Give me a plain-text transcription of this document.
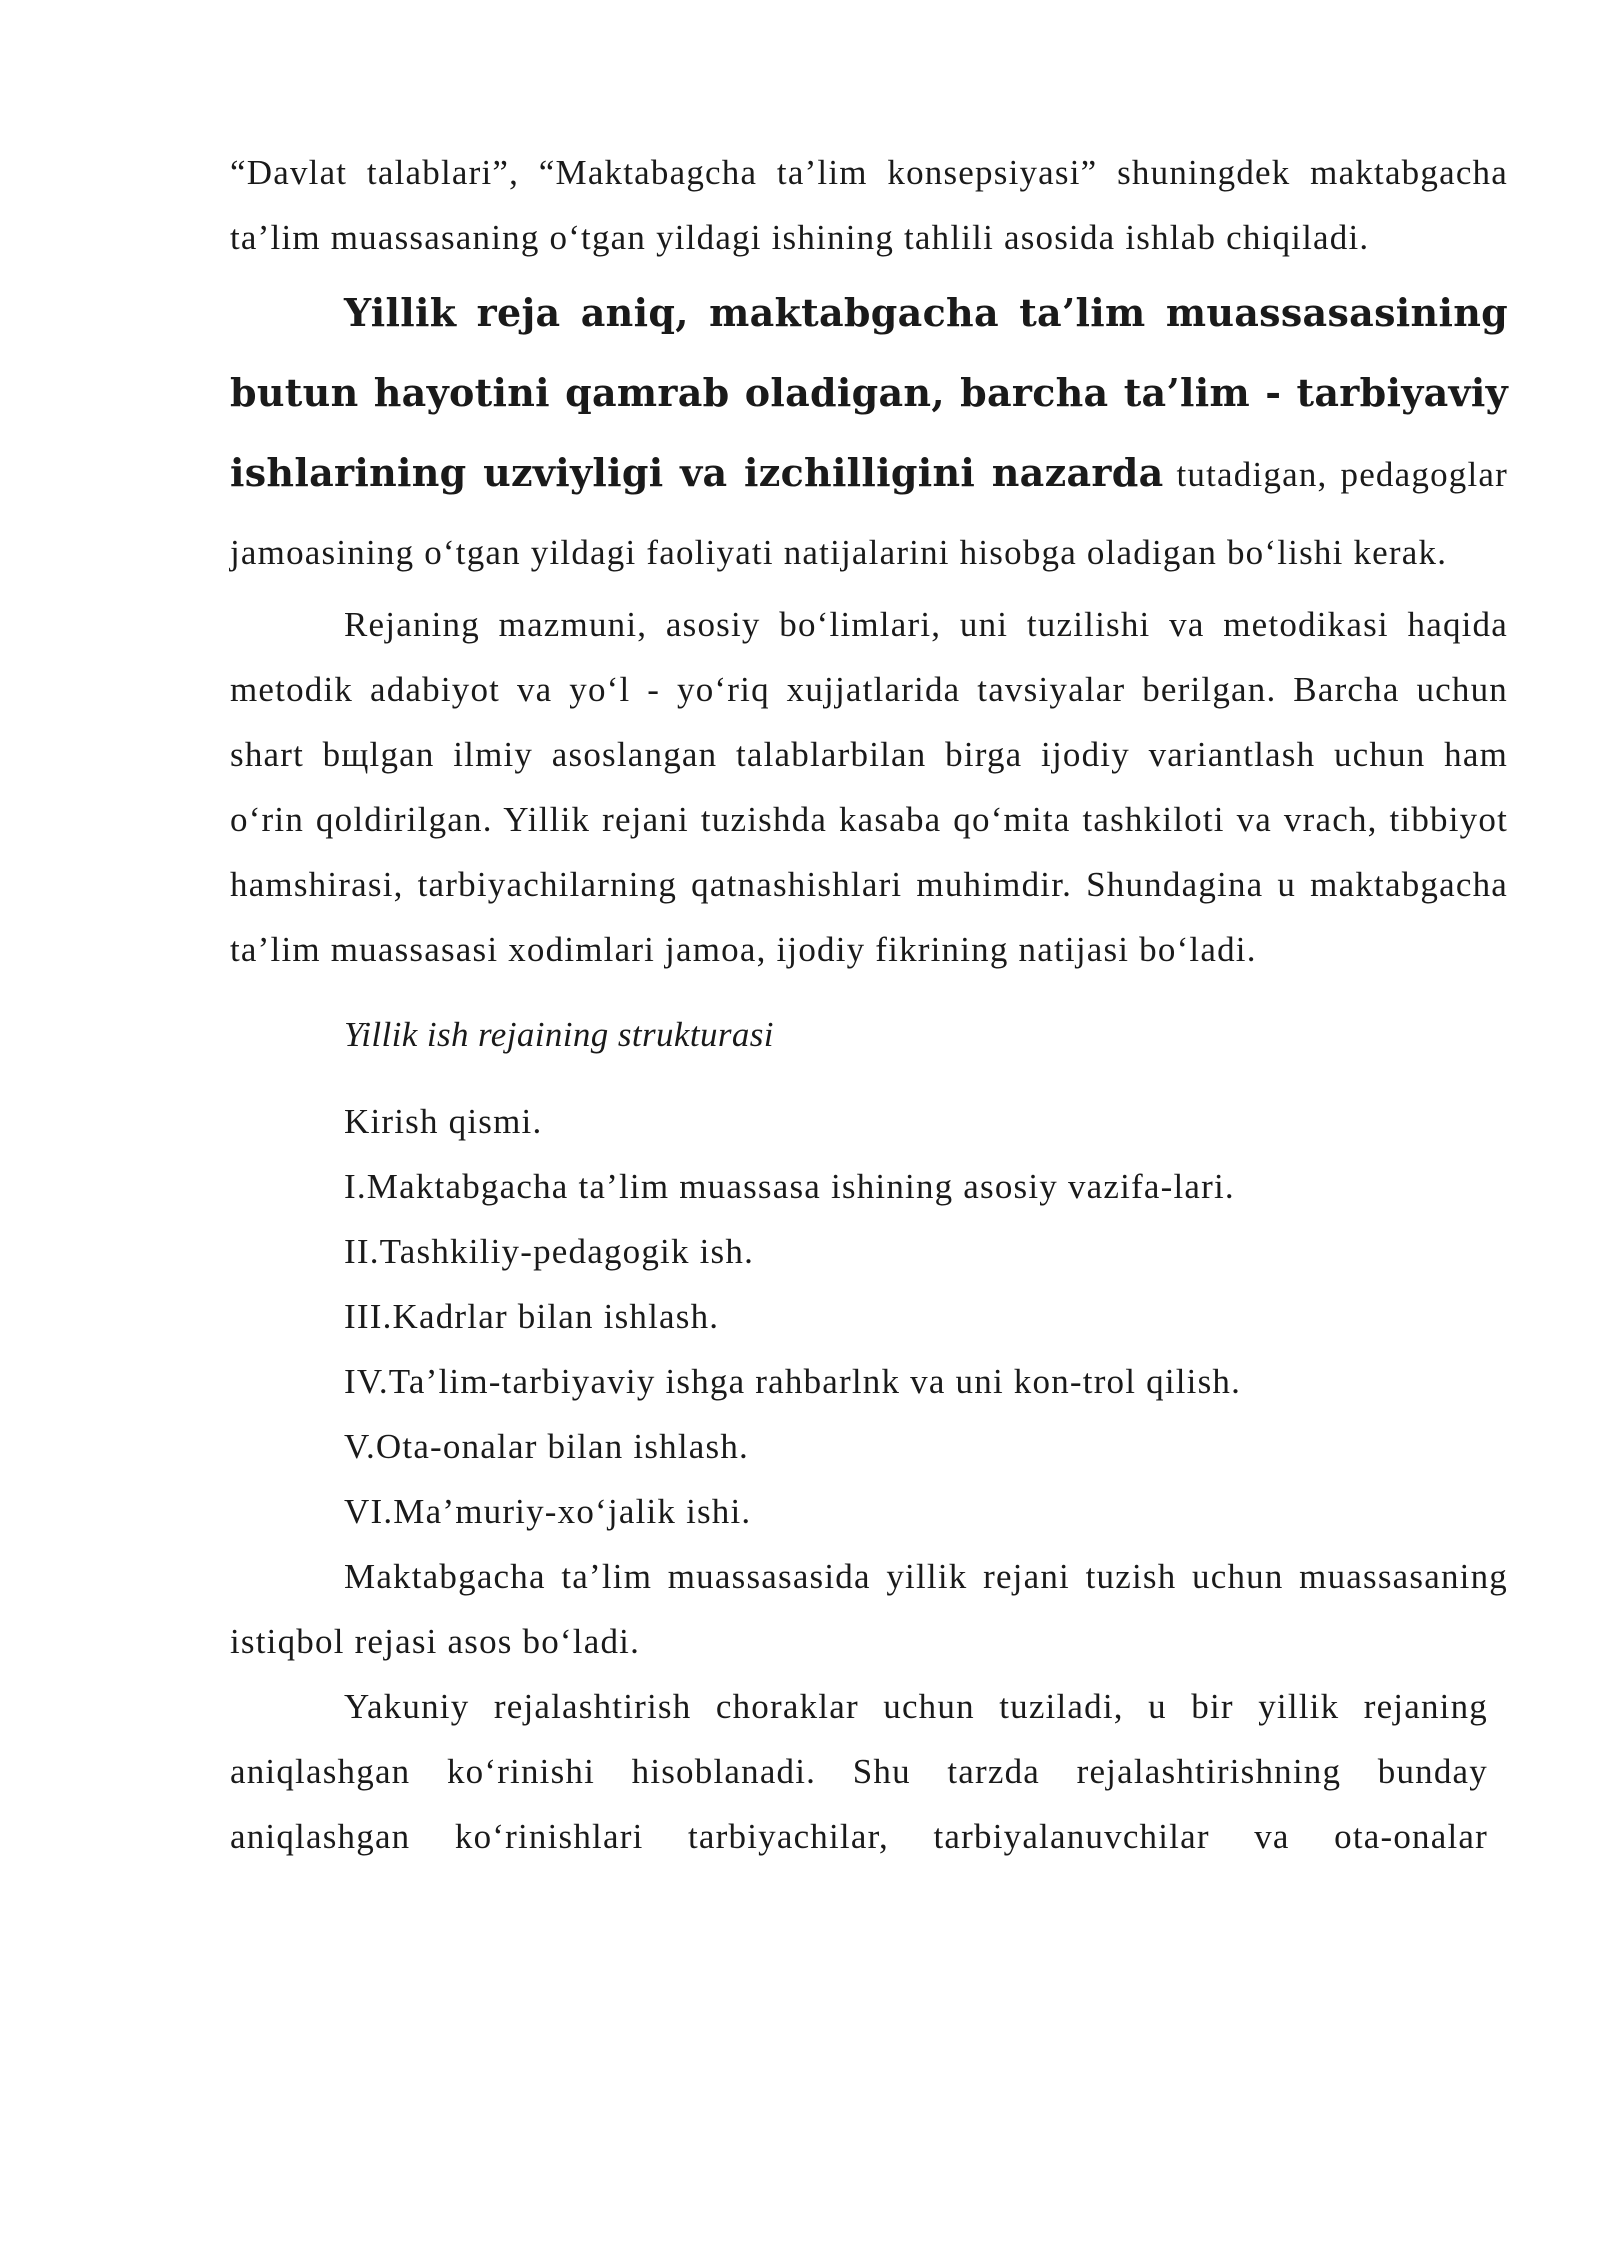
“Davlat talablari”, “Maktabagcha ta’lim konsepsiyasi” shuningdek maktabgacha ta’lim muassasaning o‘tgan yildagi ishining tahlili asosida ishlab chiqiladi.

Yillik reja aniq, maktabgacha ta’lim muassasasining butun hayotini qamrab oladigan, barcha ta’lim - tarbiyaviy ishlarining uzviyligi va izchilligini nazarda tutadigan, pedagoglar jamoasining o‘tgan yildagi faoliyati natijalarini hisobga oladigan bo‘lishi kerak.

Rejaning mazmuni, asosiy bo‘limlari, uni tuzilishi va metodikasi haqida metodik adabiyot va yo‘l - yo‘riq xujjatlarida tavsiyalar berilgan. Barcha uchun shart bщlgan ilmiy asoslangan talablarbilan birga ijodiy variantlash uchun ham o‘rin qoldirilgan. Yillik rejani tuzishda kasaba qo‘mita tashkiloti va vrach, tibbiyot hamshirasi, tarbiyachilarning qatnashishlari muhimdir. Shundagina u maktabgacha ta’lim muassasasi xodimlari jamoa, ijodiy fikrining natijasi bo‘ladi.

Yillik ish rejaining strukturasi

Kirish qismi.

I.Maktabgacha ta’lim muassasa ishining asosiy vazifa-lari.

II.Tashkiliy-pedagogik ish.

III.Kadrlar bilan ishlash.

IV.Ta’lim-tarbiyaviy ishga rahbarlnk va uni kon-trol qilish.

V.Ota-onalar bilan ishlash.

VI.Ma’muriy-xo‘jalik ishi.

Maktabgacha ta’lim muassasasida yillik rejani tuzish uchun muassasaning istiqbol rejasi asos bo‘ladi.

Yakuniy rejalashtirish choraklar uchun tuziladi, u bir yillik rejaning aniqlashgan ko‘rinishi hisoblanadi. Shu tarzda rejalashtirishning bunday aniqlashgan ko‘rinishlari tarbiyachilar, tarbiyalanuvchilar va ota-onalar
